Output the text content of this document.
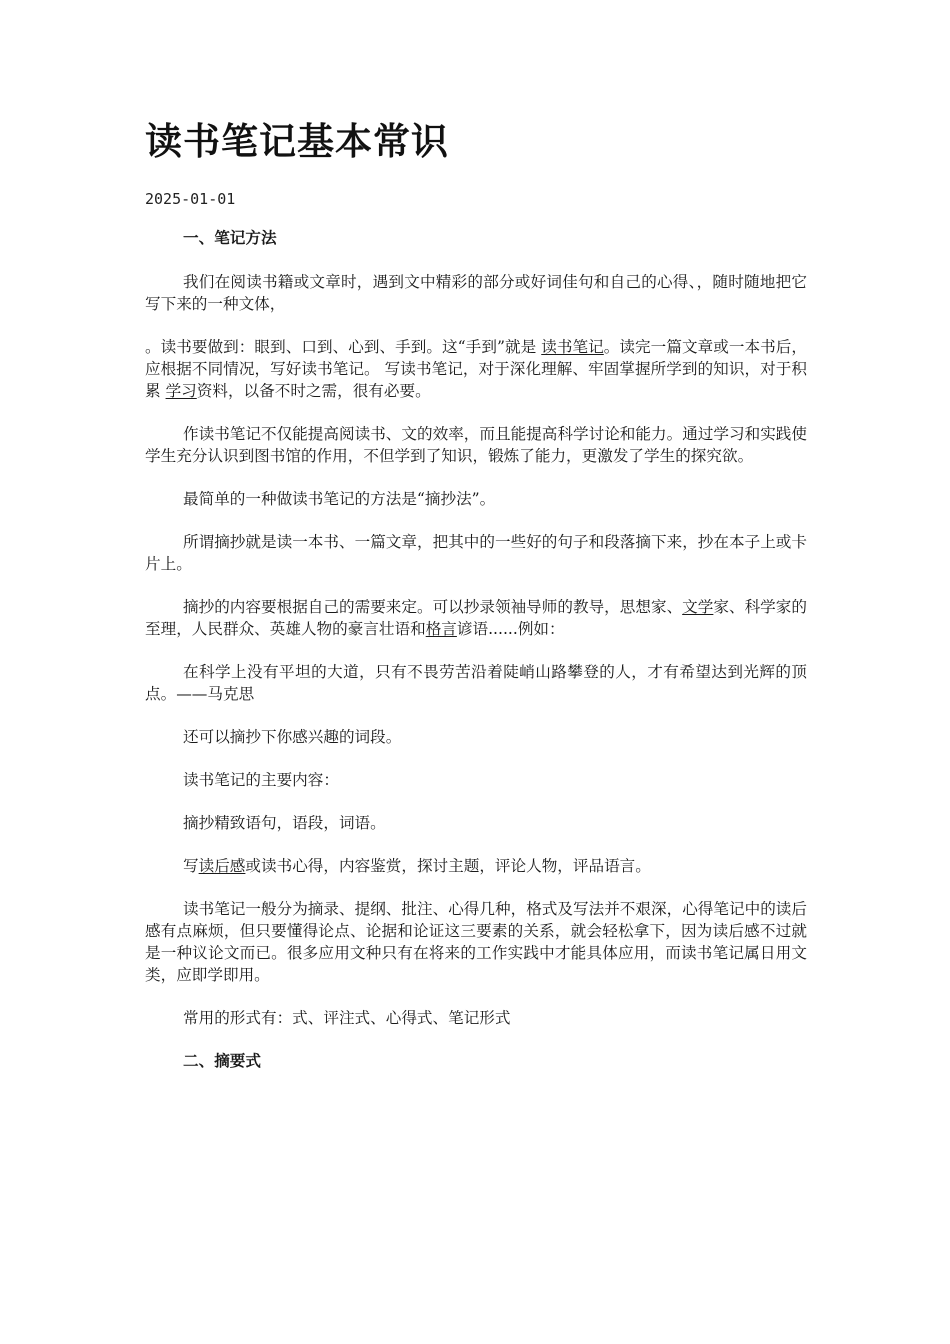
读书笔记基本常识
2025-01-01
一、笔记方法

我们在阅读书籍或文章时，遇到文中精彩的部分或好词佳句和自己的心得、，随时随地把它写下来的一种文体，

。读书要做到：眼到、口到、心到、手到。这“手到”就是 读书笔记。读完一篇文章或一本书后，应根据不同情况，写好读书笔记。 写读书笔记，对于深化理解、牢固掌握所学到的知识，对于积累 学习资料，以备不时之需，很有必要。

作读书笔记不仅能提高阅读书、文的效率，而且能提高科学讨论和能力。通过学习和实践使学生充分认识到图书馆的作用，不但学到了知识，锻炼了能力，更激发了学生的探究欲。

最简单的一种做读书笔记的方法是“摘抄法”。

所谓摘抄就是读一本书、一篇文章，把其中的一些好的句子和段落摘下来，抄在本子上或卡片上。

摘抄的内容要根据自己的需要来定。可以抄录领袖导师的教导，思想家、文学家、科学家的至理，人民群众、英雄人物的豪言壮语和格言谚语......例如：

在科学上没有平坦的大道，只有不畏劳苦沿着陡峭山路攀登的人，才有希望达到光辉的顶点。——马克思

还可以摘抄下你感兴趣的词段。

读书笔记的主要内容：

摘抄精致语句，语段，词语。

写读后感或读书心得，内容鉴赏，探讨主题，评论人物，评品语言。

读书笔记一般分为摘录、提纲、批注、心得几种，格式及写法并不艰深，心得笔记中的读后感有点麻烦，但只要懂得论点、论据和论证这三要素的关系，就会轻松拿下，因为读后感不过就是一种议论文而已。很多应用文种只有在将来的工作实践中才能具体应用，而读书笔记属日用文类，应即学即用。

常用的形式有：式、评注式、心得式、笔记形式

二、摘要式
